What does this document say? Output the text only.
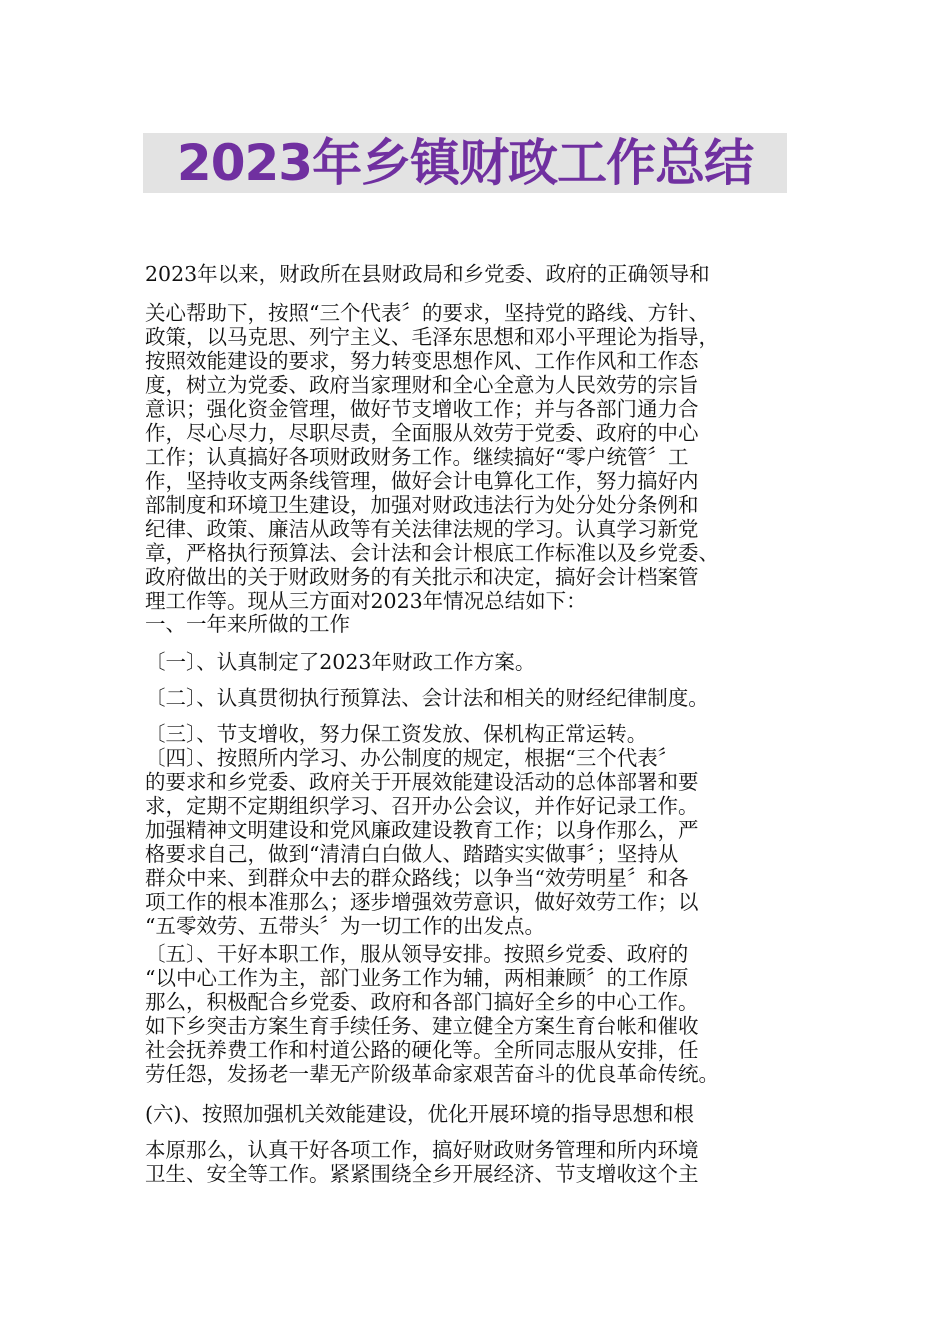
2023年乡镇财政工作总结
2023年以来，财政所在县财政局和乡党委、政府的正确领导和
关心帮助下，按照“三个代表〞的要求，坚持党的路线、方针、
政策，以马克思、列宁主义、毛泽东思想和邓小平理论为指导，
按照效能建设的要求，努力转变思想作风、工作作风和工作态
度，树立为党委、政府当家理财和全心全意为人民效劳的宗旨
意识；强化资金管理，做好节支增收工作；并与各部门通力合
作，尽心尽力，尽职尽责，全面服从效劳于党委、政府的中心
工作；认真搞好各项财政财务工作。继续搞好“零户统管〞工
作，坚持收支两条线管理，做好会计电算化工作，努力搞好内
部制度和环境卫生建设，加强对财政违法行为处分处分条例和
纪律、政策、廉洁从政等有关法律法规的学习。认真学习新党
章，严格执行预算法、会计法和会计根底工作标准以及乡党委、
政府做出的关于财政财务的有关批示和决定，搞好会计档案管
理工作等。现从三方面对2023年情况总结如下：
一、一年来所做的工作
〔一〕、认真制定了2023年财政工作方案。
〔二〕、认真贯彻执行预算法、会计法和相关的财经纪律制度。
〔三〕、节支增收，努力保工资发放、保机构正常运转。
〔四〕、按照所内学习、办公制度的规定，根据“三个代表〞
的要求和乡党委、政府关于开展效能建设活动的总体部署和要
求，定期不定期组织学习、召开办公会议，并作好记录工作。
加强精神文明建设和党风廉政建设教育工作；以身作那么，严
格要求自己，做到“清清白白做人、踏踏实实做事〞；坚持从
群众中来、到群众中去的群众路线；以争当“效劳明星〞和各
项工作的根本准那么；逐步增强效劳意识，做好效劳工作；以
“五零效劳、五带头〞为一切工作的出发点。
〔五〕、干好本职工作，服从领导安排。按照乡党委、政府的
“以中心工作为主，部门业务工作为辅，两相兼顾〞的工作原
那么，积极配合乡党委、政府和各部门搞好全乡的中心工作。
如下乡突击方案生育手续任务、建立健全方案生育台帐和催收
社会抚养费工作和村道公路的硬化等。全所同志服从安排，任
劳任怨，发扬老一辈无产阶级革命家艰苦奋斗的优良革命传统。
(六)、按照加强机关效能建设，优化开展环境的指导思想和根
本原那么，认真干好各项工作，搞好财政财务管理和所内环境
卫生、安全等工作。紧紧围绕全乡开展经济、节支增收这个主
